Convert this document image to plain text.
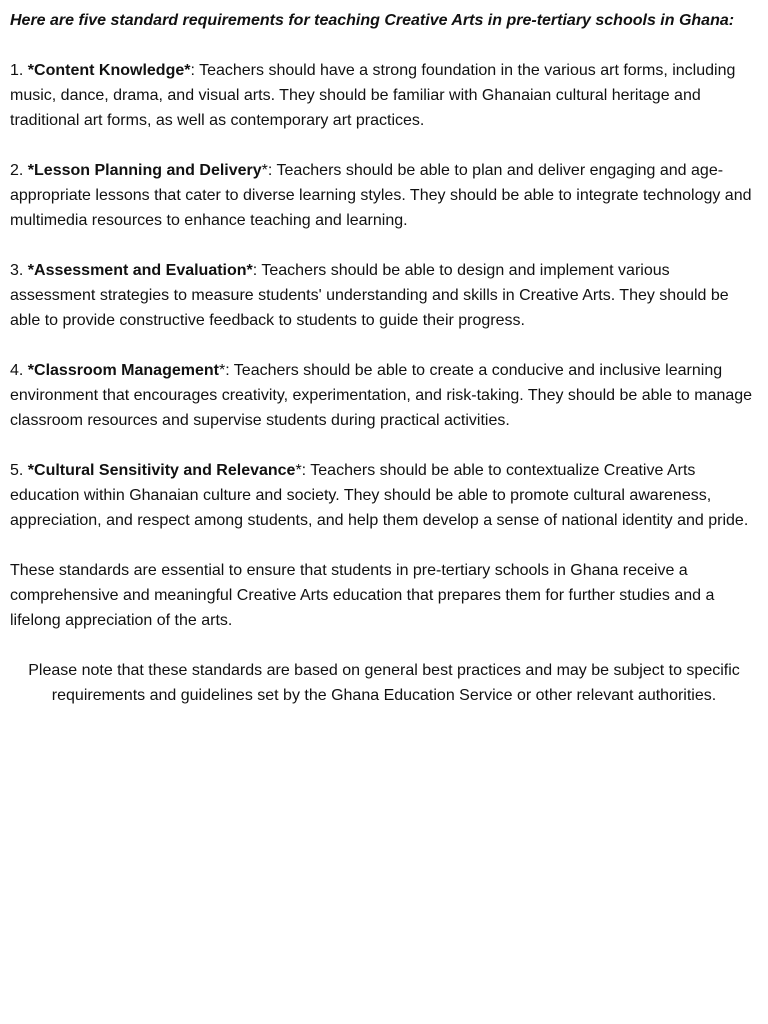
Here are five standard requirements for teaching Creative Arts in pre-tertiary schools in Ghana:

1. *Content Knowledge*: Teachers should have a strong foundation in the various art forms, including music, dance, drama, and visual arts. They should be familiar with Ghanaian cultural heritage and traditional art forms, as well as contemporary art practices.

2. *Lesson Planning and Delivery*: Teachers should be able to plan and deliver engaging and age-appropriate lessons that cater to diverse learning styles. They should be able to integrate technology and multimedia resources to enhance teaching and learning.

3. *Assessment and Evaluation*: Teachers should be able to design and implement various assessment strategies to measure students' understanding and skills in Creative Arts. They should be able to provide constructive feedback to students to guide their progress.

4. *Classroom Management*: Teachers should be able to create a conducive and inclusive learning environment that encourages creativity, experimentation, and risk-taking. They should be able to manage classroom resources and supervise students during practical activities.

5. *Cultural Sensitivity and Relevance*: Teachers should be able to contextualize Creative Arts education within Ghanaian culture and society. They should be able to promote cultural awareness, appreciation, and respect among students, and help them develop a sense of national identity and pride.

These standards are essential to ensure that students in pre-tertiary schools in Ghana receive a comprehensive and meaningful Creative Arts education that prepares them for further studies and a lifelong appreciation of the arts.

Please note that these standards are based on general best practices and may be subject to specific requirements and guidelines set by the Ghana Education Service or other relevant authorities.
